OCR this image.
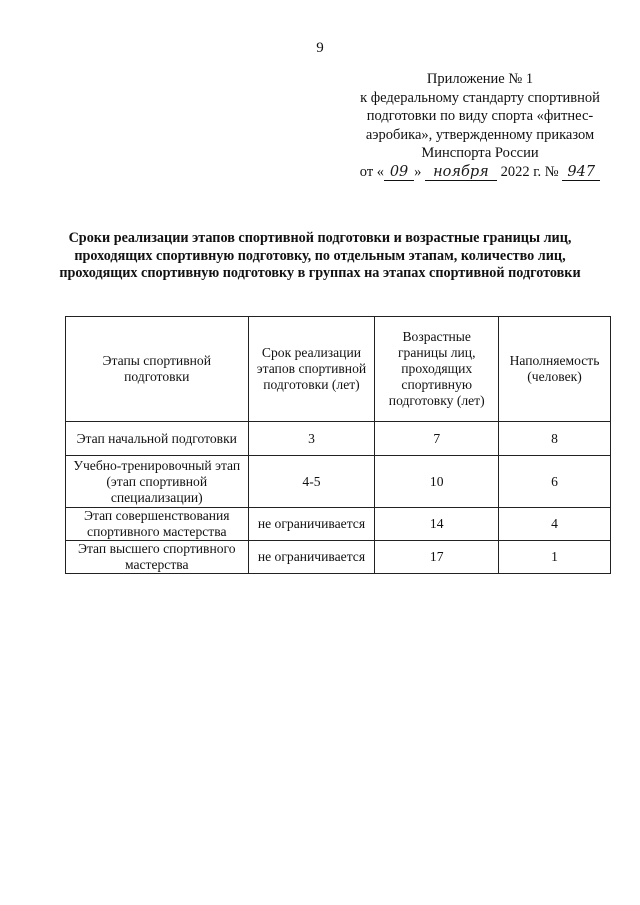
9
Приложение № 1
к федеральному стандарту спортивной
подготовки по виду спорта «фитнес-
аэробика», утвержденному приказом
Минспорта России
от « 09 » ноября 2022 г. № 947
Сроки реализации этапов спортивной подготовки и возрастные границы лиц, проходящих спортивную подготовку, по отдельным этапам, количество лиц, проходящих спортивную подготовку в группах на этапах спортивной подготовки
Этапы спортивной подготовки	Срок реализации этапов спортивной подготовки (лет)	Возрастные границы лиц, проходящих спортивную подготовку (лет)	Наполняемость (человек)
Этап начальной подготовки	3	7	8
Учебно-тренировочный этап (этап спортивной специализации)	4-5	10	6
Этап совершенствования спортивного мастерства	не ограничивается	14	4
Этап высшего спортивного мастерства	не ограничивается	17	1
